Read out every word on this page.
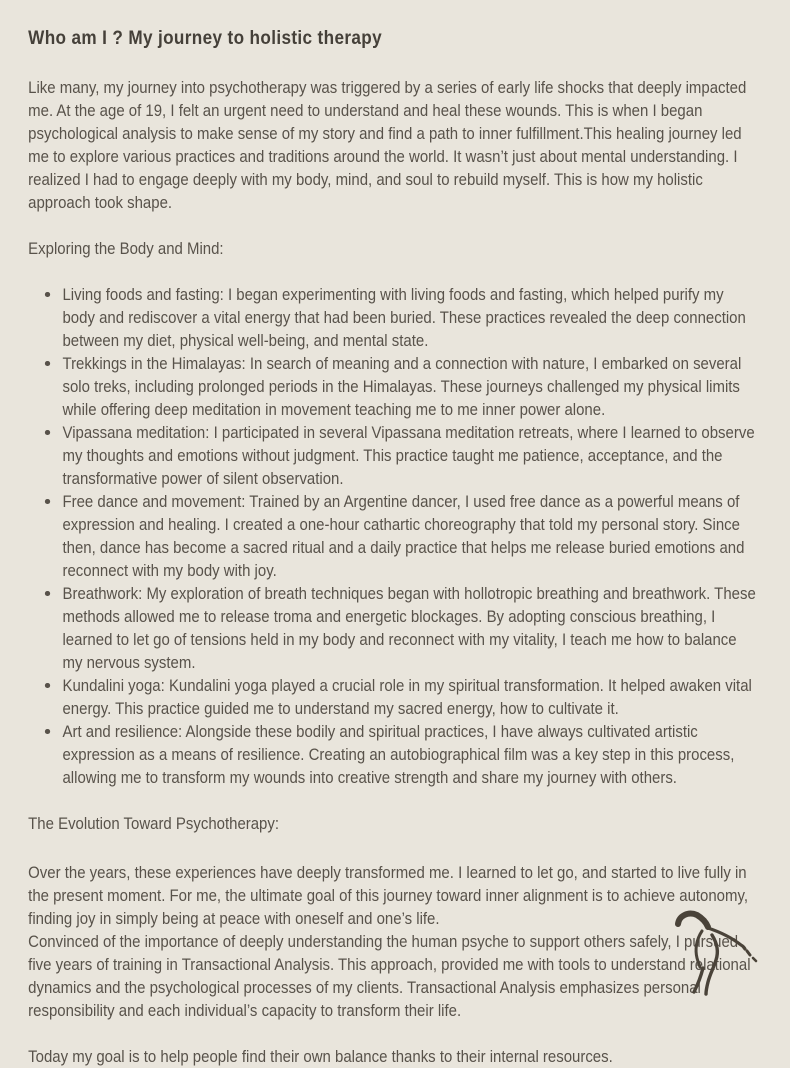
Who am I ? My journey to holistic therapy

Like many, my journey into psychotherapy was triggered by a series of early life shocks that deeply impacted me. At the age of 19, I felt an urgent need to understand and heal these wounds. This is when I began psychological analysis to make sense of my story and find a path to inner fulfillment.This healing journey led me to explore various practices and traditions around the world. It wasn’t just about mental understanding. I realized I had to engage deeply with my body, mind, and soul to rebuild myself. This is how my holistic approach took shape.

Exploring the Body and Mind:

Living foods and fasting: I began experimenting with living foods and fasting, which helped purify my body and rediscover a vital energy that had been buried. These practices revealed the deep connection between my diet, physical well-being, and mental state.
Trekkings in the Himalayas: In search of meaning and a connection with nature, I embarked on several solo treks, including prolonged periods in the Himalayas. These journeys challenged my physical limits while offering deep meditation in movement teaching me to me inner power alone.
Vipassana meditation: I participated in several Vipassana meditation retreats, where I learned to observe my thoughts and emotions without judgment. This practice taught me patience, acceptance, and the transformative power of silent observation.
Free dance and movement: Trained by an Argentine dancer, I used free dance as a powerful means of expression and healing. I created a one-hour cathartic choreography that told my personal story. Since then, dance has become a sacred ritual and a daily practice that helps me release buried emotions and reconnect with my body with joy.
Breathwork: My exploration of breath techniques began with hollotropic breathing and breathwork. These methods allowed me to release troma and energetic blockages. By adopting conscious breathing, I learned to let go of tensions held in my body and reconnect with my vitality, I teach me how to balance my nervous system.
Kundalini yoga: Kundalini yoga played a crucial role in my spiritual transformation. It helped awaken vital energy. This practice guided me to understand my sacred energy, how to cultivate it.
Art and resilience: Alongside these bodily and spiritual practices, I have always cultivated artistic expression as a means of resilience. Creating an autobiographical film was a key step in this process, allowing me to transform my wounds into creative strength and share my journey with others.

The Evolution Toward Psychotherapy:

Over the years, these experiences have deeply transformed me. I learned to let go, and started to live fully in the present moment. For me, the ultimate goal of this journey toward inner alignment is to achieve autonomy, finding joy in simply being at peace with oneself and one’s life.

Convinced of the importance of deeply understanding the human psyche to support others safely, I pursued five years of training in Transactional Analysis. This approach, provided me with tools to understand relational dynamics and the psychological processes of my clients. Transactional Analysis emphasizes personal responsibility and each individual’s capacity to transform their life.

Today my goal is to help people find their own balance thanks to their internal resources.
